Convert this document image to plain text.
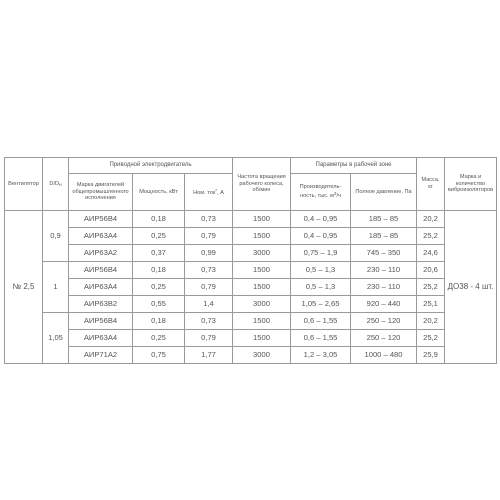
Вентилятор	$D/D_н$	Приводной электродвигатель			Частота вращения рабочего колеса, об/мин	Параметры в рабочей зоне		Масса, кг	Марка и количество виброизоляторов
		Марка двигателей общепромышленного исполнения	Мощность, кВт	Ном. ток*, А		Производитель-ность, тыс. $м^3/ч$	Полное давление, Па		
№ 2,5	0,9	АИР56В4	0,18	0,73	1500	0,4 – 0,95	185 – 85	20,2	ДО38 - 4 шт.
		АИР63А4	0,25	0,79	1500	0,4 – 0,95	185 – 85	25,2	
		АИР63А2	0,37	0,99	3000	0,75 – 1,9	745 – 350	24,6	
	1	АИР56В4	0,18	0,73	1500	0,5 – 1,3	230 – 110	20,6	
		АИР63А4	0,25	0,79	1500	0,5 – 1,3	230 – 110	25,2	
		АИР63В2	0,55	1,4	3000	1,05 – 2,65	920 – 440	25,1	
	1,05	АИР56В4	0,18	0,73	1500	0,6 – 1,55	250 – 120	20,2	
		АИР63А4	0,25	0,79	1500	0,6 – 1,55	250 – 120	25,2	
		АИР71А2	0,75	1,77	3000	1,2 – 3,05	1000 – 480	25,9	
